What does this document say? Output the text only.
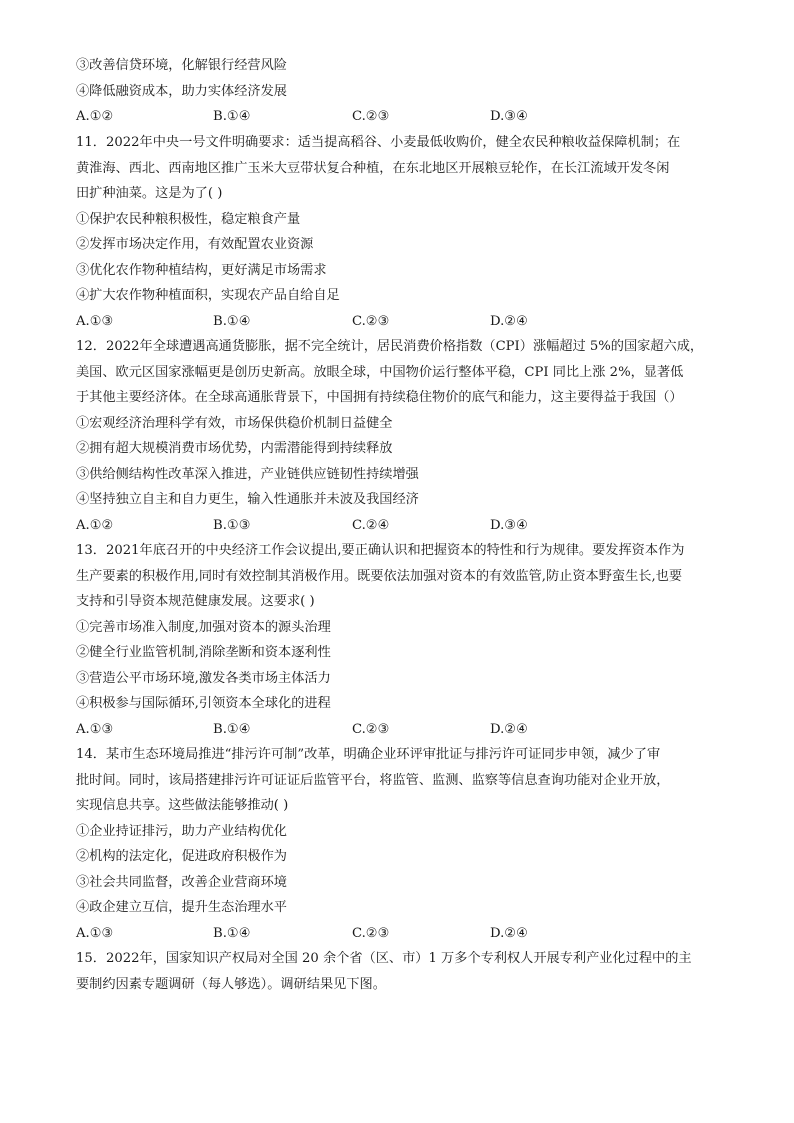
③改善信贷环境，化解银行经营风险
④降低融资成本，助力实体经济发展
A.①②	B.①④	C.②③	D.③④
11．2022年中央一号文件明确要求：适当提高稻谷、小麦最低收购价，健全农民种粮收益保障机制；在
黄淮海、西北、西南地区推广玉米大豆带状复合种植，在东北地区开展粮豆轮作，在长江流域开发冬闲
田扩种油菜。这是为了( )
①保护农民种粮积极性，稳定粮食产量
②发挥市场决定作用，有效配置农业资源
③优化农作物种植结构，更好满足市场需求
④扩大农作物种植面积，实现农产品自给自足
A.①③	B.①④	C.②③	D.②④
12．2022年全球遭遇高通货膨胀，据不完全统计，居民消费价格指数（CPI）涨幅超过 5%的国家超六成，
美国、欧元区国家涨幅更是创历史新高。放眼全球，中国物价运行整体平稳，CPI 同比上涨 2%，显著低
于其他主要经济体。在全球高通胀背景下，中国拥有持续稳住物价的底气和能力，这主要得益于我国（）
①宏观经济治理科学有效，市场保供稳价机制日益健全
②拥有超大规模消费市场优势，内需潜能得到持续释放
③供给侧结构性改革深入推进，产业链供应链韧性持续增强
④坚持独立自主和自力更生，输入性通胀并未波及我国经济
A.①②	B.①③	C.②④	D.③④
13．2021年底召开的中央经济工作会议提出,要正确认识和把握资本的特性和行为规律。要发挥资本作为
生产要素的积极作用,同时有效控制其消极作用。既要依法加强对资本的有效监管,防止资本野蛮生长,也要
支持和引导资本规范健康发展。这要求( )
①完善市场准入制度,加强对资本的源头治理
②健全行业监管机制,消除垄断和资本逐利性
③营造公平市场环境,激发各类市场主体活力
④积极参与国际循环,引领资本全球化的进程
A.①③	B.①④	C.②③	D.②④
14．某市生态环境局推进“排污许可制”改革，明确企业环评审批证与排污许可证同步申领，减少了审
批时间。同时，该局搭建排污许可证证后监管平台，将监管、监测、监察等信息查询功能对企业开放，
实现信息共享。这些做法能够推动( )
①企业持证排污，助力产业结构优化
②机构的法定化，促进政府积极作为
③社会共同监督，改善企业营商环境
④政企建立互信，提升生态治理水平
A.①③	B.①④	C.②③	D.②④
15．2022年，国家知识产权局对全国 20 余个省（区、市）1 万多个专利权人开展专利产业化过程中的主
要制约因素专题调研（每人够选）。调研结果见下图。
